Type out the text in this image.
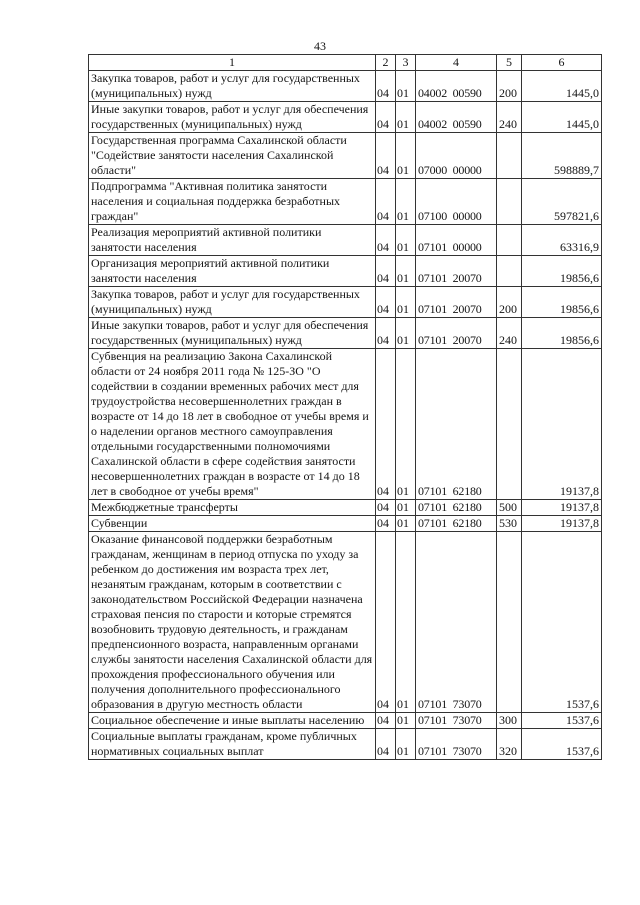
43
1	2	3	4	5	6
Закупка товаров, работ и услуг для государственных (муниципальных) нужд	04	01	04002  00590	200	1445,0
Иные закупки товаров, работ и услуг для обеспечения государственных (муниципальных) нужд	04	01	04002  00590	240	1445,0
Государственная программа Сахалинской области "Содействие занятости населения Сахалинской области"	04	01	07000  00000		598889,7
Подпрограмма "Активная политика занятости населения и социальная поддержка безработных граждан"	04	01	07100  00000		597821,6
Реализация мероприятий активной политики занятости населения	04	01	07101  00000		63316,9
Организация мероприятий активной политики занятости населения	04	01	07101  20070		19856,6
Закупка товаров, работ и услуг для государственных (муниципальных) нужд	04	01	07101  20070	200	19856,6
Иные закупки товаров, работ и услуг для обеспечения государственных (муниципальных) нужд	04	01	07101  20070	240	19856,6
Субвенция на реализацию Закона Сахалинской области от 24 ноября 2011 года № 125-ЗО "О содействии в создании временных рабочих мест для трудоустройства несовершеннолетних граждан в возрасте от 14 до 18 лет в свободное от учебы время и о наделении органов местного самоуправления отдельными государственными полномочиями Сахалинской области в сфере содействия занятости несовершеннолетних граждан в возрасте от 14 до 18 лет в свободное от учебы время"	04	01	07101  62180		19137,8
Межбюджетные трансферты	04	01	07101  62180	500	19137,8
Субвенции	04	01	07101  62180	530	19137,8
Оказание финансовой поддержки безработным гражданам, женщинам в период отпуска по уходу за ребенком до достижения им возраста трех лет, незанятым гражданам, которым в соответствии с законодательством Российской Федерации назначена страховая пенсия по старости и которые стремятся возобновить трудовую деятельность, и гражданам предпенсионного возраста, направленным органами службы занятости населения Сахалинской области для прохождения профессионального обучения или получения дополнительного профессионального образования в другую местность области	04	01	07101  73070		1537,6
Социальное обеспечение и иные выплаты населению	04	01	07101  73070	300	1537,6
Социальные выплаты гражданам, кроме публичных нормативных социальных выплат	04	01	07101  73070	320	1537,6
